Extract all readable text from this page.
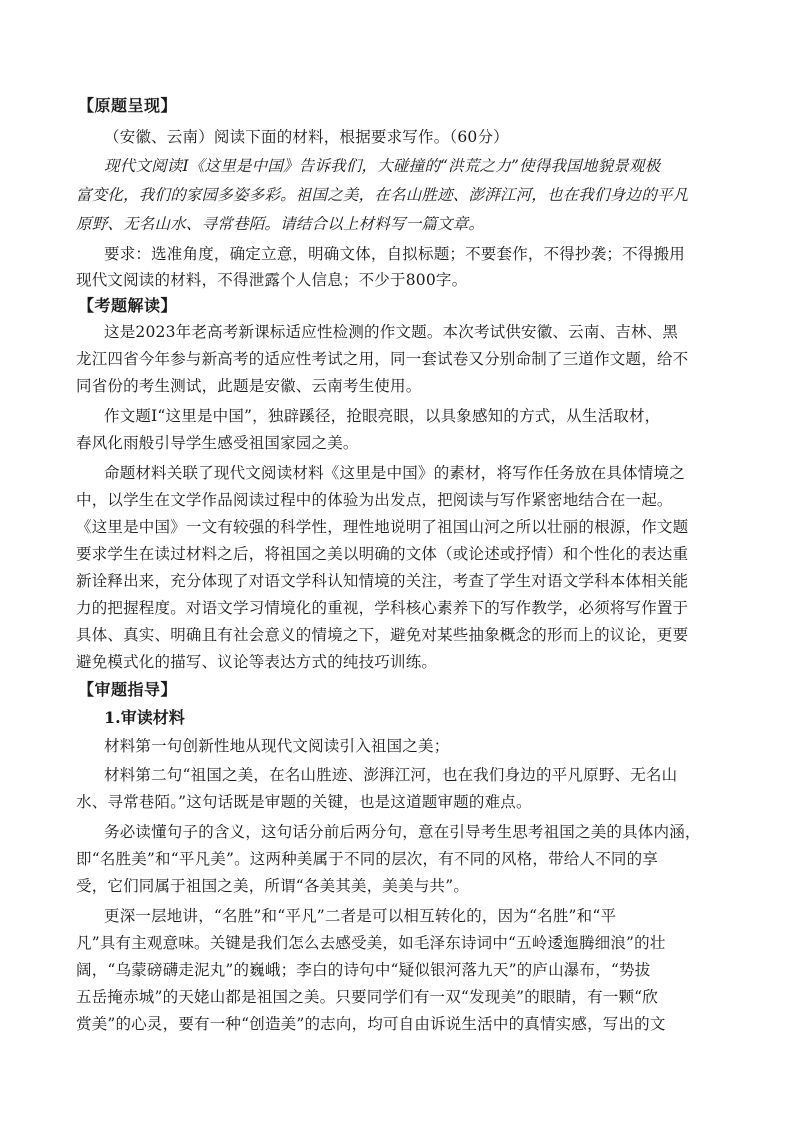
【原题呈现】
（安徽、云南）阅读下面的材料，根据要求写作。（60分）
现代文阅读Ⅰ《这里是中国》告诉我们，大碰撞的“洪荒之力”使得我国地貌景观极
富变化，我们的家园多姿多彩。祖国之美，在名山胜迹、澎湃江河，也在我们身边的平凡
原野、无名山水、寻常巷陌。请结合以上材料写一篇文章。
要求：选准角度，确定立意，明确文体，自拟标题；不要套作，不得抄袭；不得搬用
现代文阅读的材料，不得泄露个人信息；不少于800字。
【考题解读】
这是2023年老高考新课标适应性检测的作文题。本次考试供安徽、云南、吉林、黑
龙江四省今年参与新高考的适应性考试之用，同一套试卷又分别命制了三道作文题，给不
同省份的考生测试，此题是安徽、云南考生使用。
作文题Ⅰ“这里是中国”，独辟蹊径，抢眼亮眼，以具象感知的方式，从生活取材，
春风化雨般引导学生感受祖国家园之美。
命题材料关联了现代文阅读材料《这里是中国》的素材，将写作任务放在具体情境之
中，以学生在文学作品阅读过程中的体验为出发点，把阅读与写作紧密地结合在一起。
《这里是中国》一文有较强的科学性，理性地说明了祖国山河之所以壮丽的根源，作文题
要求学生在读过材料之后，将祖国之美以明确的文体（或论述或抒情）和个性化的表达重
新诠释出来，充分体现了对语文学科认知情境的关注，考查了学生对语文学科本体相关能
力的把握程度。对语文学习情境化的重视，学科核心素养下的写作教学，必须将写作置于
具体、真实、明确且有社会意义的情境之下，避免对某些抽象概念的形而上的议论，更要
避免模式化的描写、议论等表达方式的纯技巧训练。
【审题指导】
1.审读材料
材料第一句创新性地从现代文阅读引入祖国之美；
材料第二句“祖国之美，在名山胜迹、澎湃江河，也在我们身边的平凡原野、无名山
水、寻常巷陌。”这句话既是审题的关键，也是这道题审题的难点。
务必读懂句子的含义，这句话分前后两分句，意在引导考生思考祖国之美的具体内涵，
即“名胜美”和“平凡美”。这两种美属于不同的层次，有不同的风格，带给人不同的享
受，它们同属于祖国之美，所谓“各美其美，美美与共”。
更深一层地讲，“名胜”和“平凡”二者是可以相互转化的，因为“名胜”和“平
凡”具有主观意味。关键是我们怎么去感受美，如毛泽东诗词中“五岭逶迤腾细浪”的壮
阔，“乌蒙磅礴走泥丸”的巍峨；李白的诗句中“疑似银河落九天”的庐山瀑布，“势拔
五岳掩赤城”的天姥山都是祖国之美。只要同学们有一双“发现美”的眼睛，有一颗“欣
赏美”的心灵，要有一种“创造美”的志向，均可自由诉说生活中的真情实感，写出的文
